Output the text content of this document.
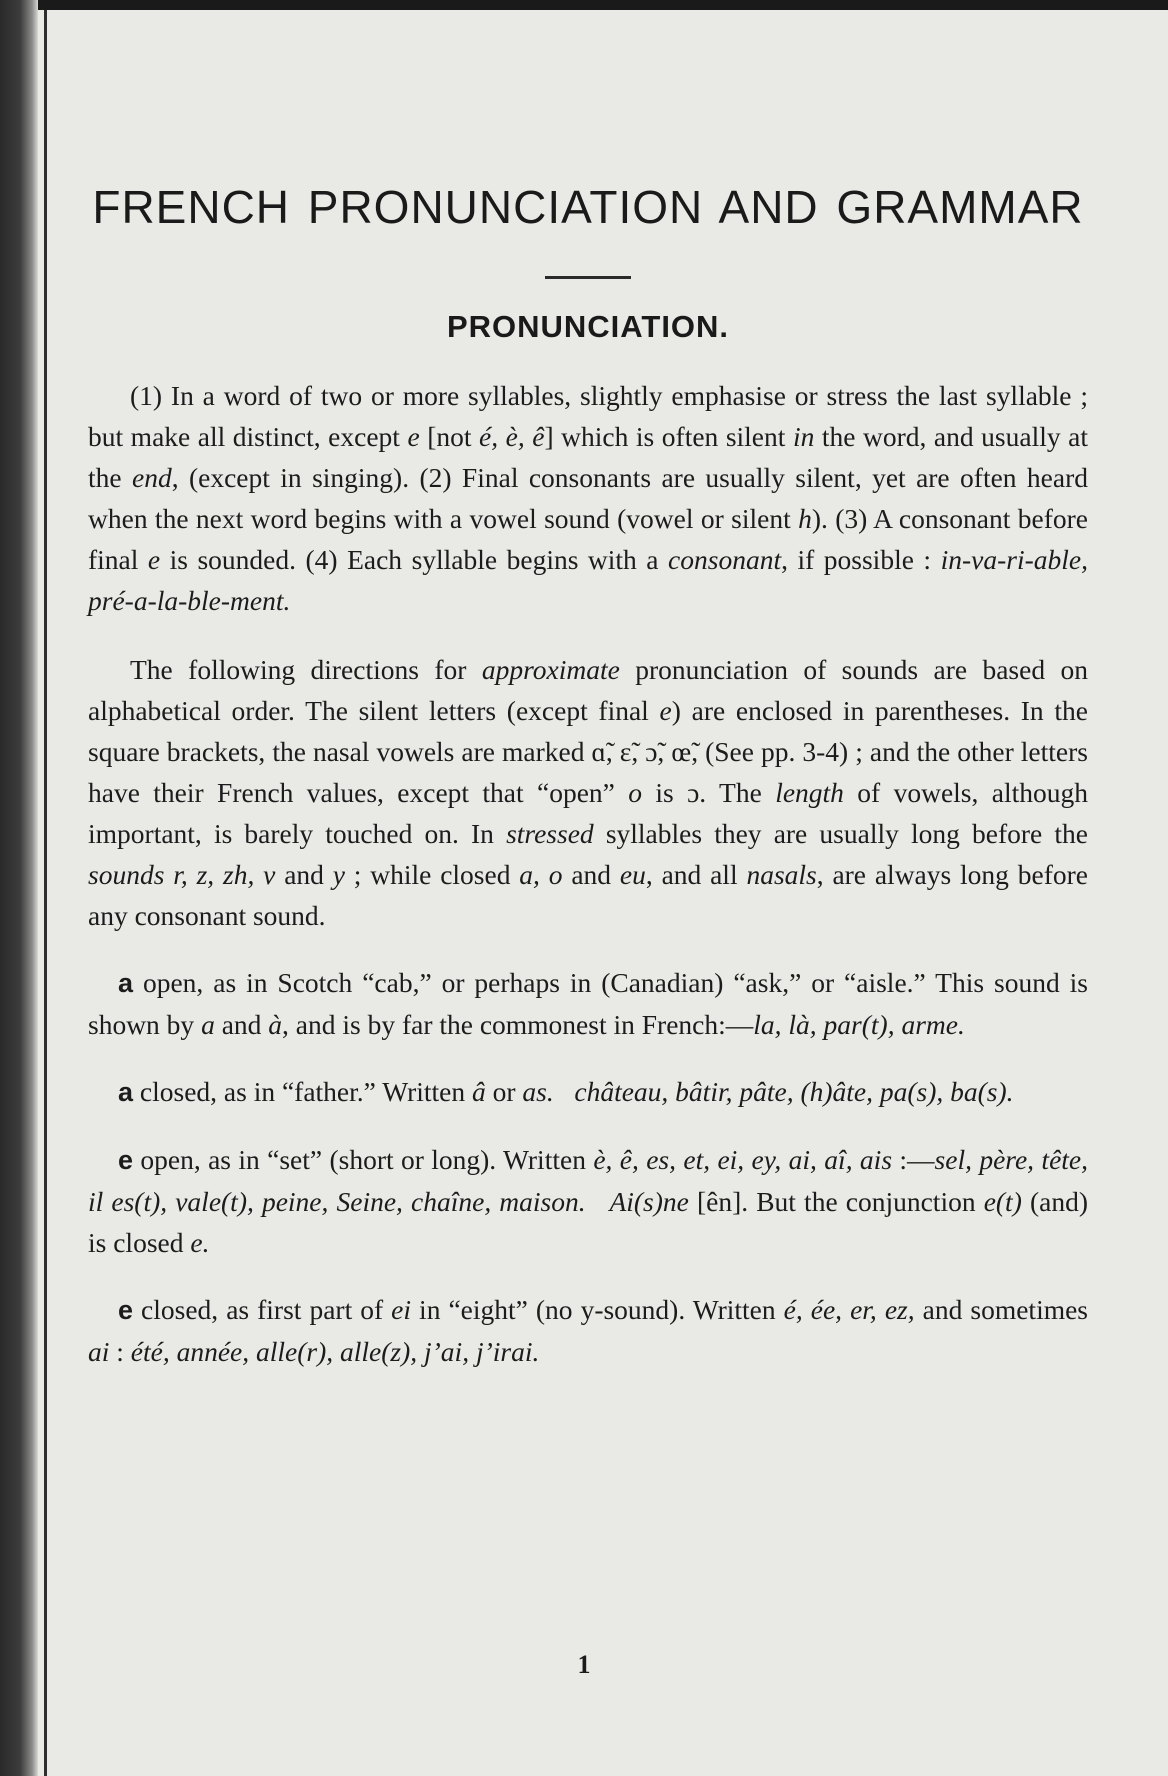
FRENCH PRONUNCIATION AND GRAMMAR
PRONUNCIATION.

(1) In a word of two or more syllables, slightly emphasise or stress the last syllable ; but make all distinct, except e [not é, è, ê] which is often silent in the word, and usually at the end, (except in singing). (2) Final consonants are usually silent, yet are often heard when the next word begins with a vowel sound (vowel or silent h). (3) A consonant before final e is sounded. (4) Each syllable begins with a consonant, if possible : in-va-ri-able, pré-a-la-ble-ment.

The following directions for approximate pronunciation of sounds are based on alphabetical order. The silent letters (except final e) are enclosed in parentheses. In the square brackets, the nasal vowels are marked ɑ̃, ɛ̃, ɔ̃, œ̃, (See pp. 3-4) ; and the other letters have their French values, except that “open” o is ɔ. The length of vowels, although important, is barely touched on. In stressed syllables they are usually long before the sounds r, z, zh, v and y ; while closed a, o and eu, and all nasals, are always long before any consonant sound.

a open, as in Scotch “cab,” or perhaps in (Canadian) “ask,” or “aisle.” This sound is shown by a and à, and is by far the commonest in French:—la, là, par(t), arme.

a closed, as in “father.” Written â or as.   château, bâtir, pâte, (h)âte, pa(s), ba(s).

e open, as in “set” (short or long). Written è, ê, es, et, ei, ey, ai, aî, ais :—sel, père, tête, il es(t), vale(t), peine, Seine, chaîne, maison.   Ai(s)ne [ên]. But the conjunction e(t) (and) is closed e.

e closed, as first part of ei in “eight” (no y-sound). Written é, ée, er, ez, and sometimes ai : été, année, alle(r), alle(z), j’ai, j’irai.

1
